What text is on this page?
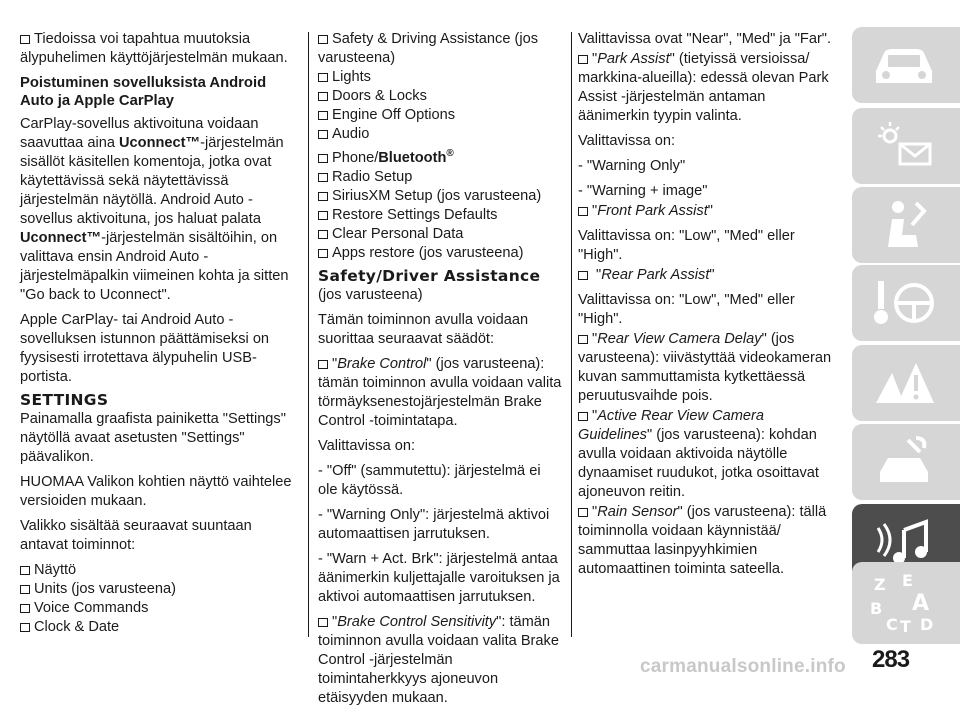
Tiedoissa voi tapahtua muutoksia älypuhelimen käyttöjärjestelmän mukaan.
Poistuminen sovelluksista Android Auto ja Apple CarPlay
CarPlay-sovellus aktivoituna voidaan saavuttaa aina Uconnect™-järjestelmän sisällöt käsitellen komentoja, jotka ovat käytettävissä sekä näytettävissä järjestelmän näytöllä. Android Auto -sovellus aktivoituna, jos haluat palata Uconnect™-järjestelmän sisältöihin, on valittava ensin Android Auto -järjestelmäpalkin viimeinen kohta ja sitten "Go back to Uconnect".
Apple CarPlay- tai Android Auto -sovelluksen istunnon päättämiseksi on fyysisesti irrotettava älypuhelin USB-portista.
SETTINGS
Painamalla graafista painiketta "Settings" näytöllä avaat asetusten "Settings" päävalikon.
HUOMAA Valikon kohtien näyttö vaihtelee versioiden mukaan.
Valikko sisältää seuraavat suuntaan antavat toiminnot:
Näyttö
Units (jos varusteena)
Voice Commands
Clock & Date
Safety & Driving Assistance (jos varusteena)
Lights
Doors & Locks
Engine Off Options
Audio
Phone/Bluetooth®
Radio Setup
SiriusXM Setup (jos varusteena)
Restore Settings Defaults
Clear Personal Data
Apps restore (jos varusteena)
Safety/Driver Assistance
(jos varusteena)
Tämän toiminnon avulla voidaan suorittaa seuraavat säädöt:
"Brake Control" (jos varusteena): tämän toiminnon avulla voidaan valita törmäyksenestojärjestelmän Brake Control -toimintatapa.
Valittavissa on:
- "Off" (sammutettu): järjestelmä ei ole käytössä.
- "Warning Only": järjestelmä aktivoi automaattisen jarrutuksen.
- "Warn + Act. Brk": järjestelmä antaa äänimerkin kuljettajalle varoituksen ja aktivoi automaattisen jarrutuksen.
"Brake Control Sensitivity": tämän toiminnon avulla voidaan valita Brake Control -järjestelmän toimintaherkkyys ajoneuvon etäisyyden mukaan.
Valittavissa ovat "Near", "Med" ja "Far".
"Park Assist" (tietyissä versioissa/ markkina-alueilla): edessä olevan Park Assist -järjestelmän antaman äänimerkin tyypin valinta.
Valittavissa on:
- "Warning Only"
- "Warning + image"
"Front Park Assist"
Valittavissa on: "Low", "Med" eller "High".
"Rear Park Assist"
Valittavissa on: "Low", "Med" eller "High".
"Rear View Camera Delay" (jos varusteena): viivästyttää videokameran kuvan sammuttamista kytkettäessä peruutusvaihde pois.
"Active Rear View Camera Guidelines" (jos varusteena): kohdan avulla voidaan aktivoida näytölle dynaamiset ruudukot, jotka osoittavat ajoneuvon reitin.
"Rain Sensor" (jos varusteena): tällä toiminnolla voidaan käynnistää/ sammuttaa lasinpyyhkimien automaattinen toiminta sateella.
Z E
B A
C T D
carmanualsonline.info 283
